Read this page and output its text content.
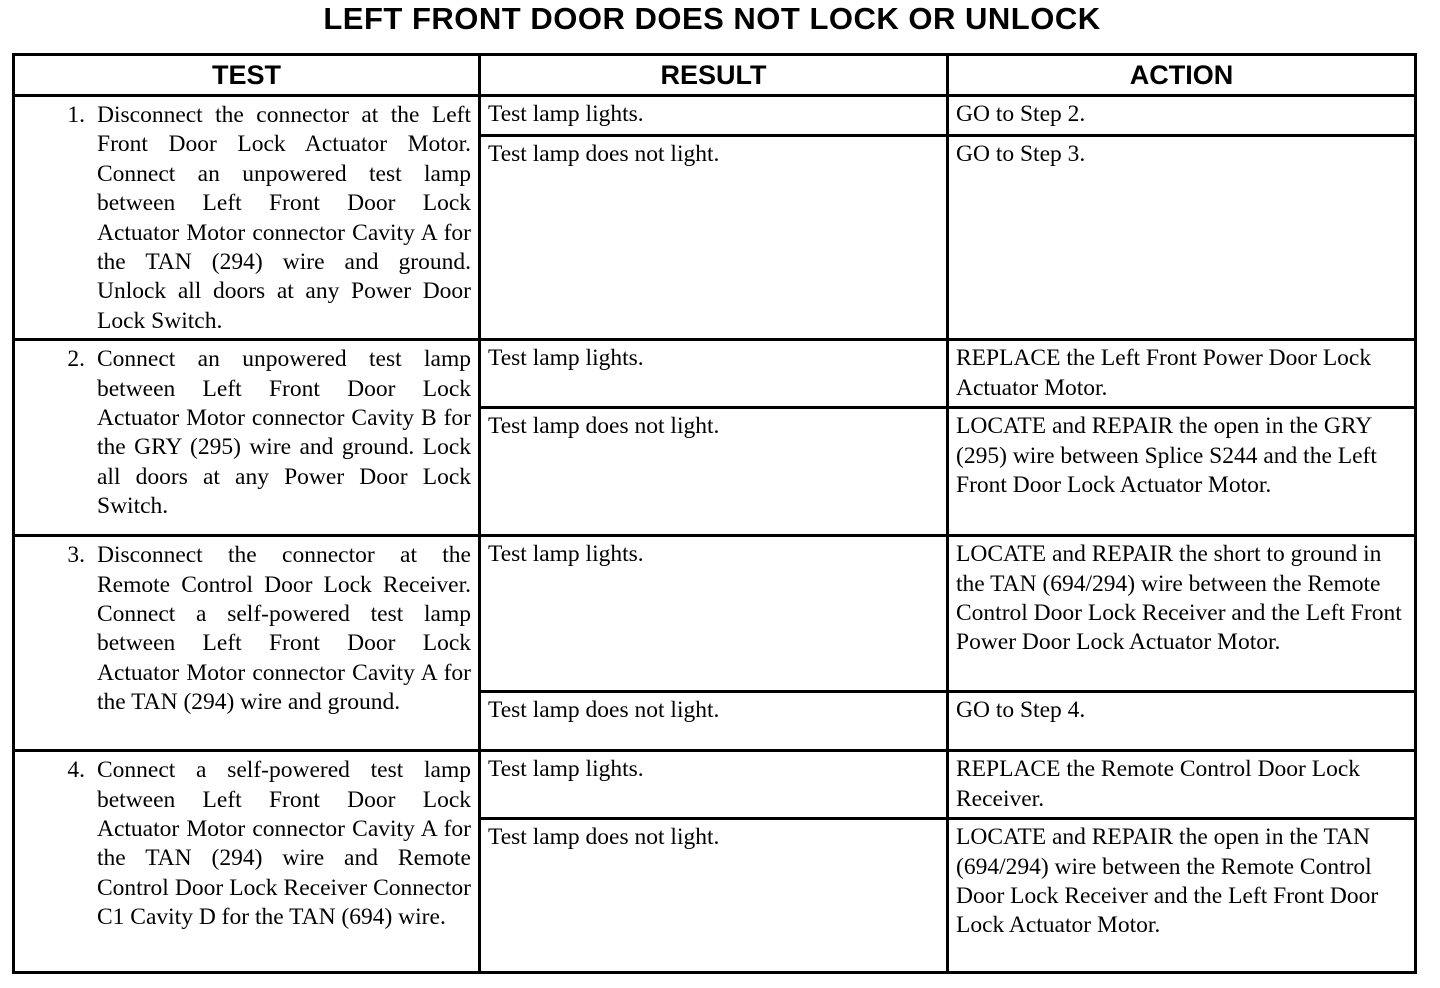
LEFT FRONT DOOR DOES NOT LOCK OR UNLOCK
TEST	RESULT	ACTION

1. Disconnect the connector at the Left Front Door Lock Actuator Motor. Connect an unpowered test lamp between Left Front Door Lock Actuator Motor connector Cavity A for the TAN (294) wire and ground. Unlock all doors at any Power Door Lock Switch.	Test lamp lights.	GO to Step 2.
	Test lamp does not light.	GO to Step 3.

2. Connect an unpowered test lamp between Left Front Door Lock Actuator Motor connector Cavity B for the GRY (295) wire and ground. Lock all doors at any Power Door Lock Switch.	Test lamp lights.	REPLACE the Left Front Power Door Lock Actuator Motor.
	Test lamp does not light.	LOCATE and REPAIR the open in the GRY (295) wire between Splice S244 and the Left Front Door Lock Actuator Motor.

3. Disconnect the connector at the Remote Control Door Lock Receiver. Connect a self-powered test lamp between Left Front Door Lock Actuator Motor connector Cavity A for the TAN (294) wire and ground.	Test lamp lights.	LOCATE and REPAIR the short to ground in the TAN (694/294) wire between the Remote Control Door Lock Receiver and the Left Front Power Door Lock Actuator Motor.
	Test lamp does not light.	GO to Step 4.

4. Connect a self-powered test lamp between Left Front Door Lock Actuator Motor connector Cavity A for the TAN (294) wire and Remote Control Door Lock Receiver Connector C1 Cavity D for the TAN (694) wire.	Test lamp lights.	REPLACE the Remote Control Door Lock Receiver.
	Test lamp does not light.	LOCATE and REPAIR the open in the TAN (694/294) wire between the Remote Control Door Lock Receiver and the Left Front Door Lock Actuator Motor.
